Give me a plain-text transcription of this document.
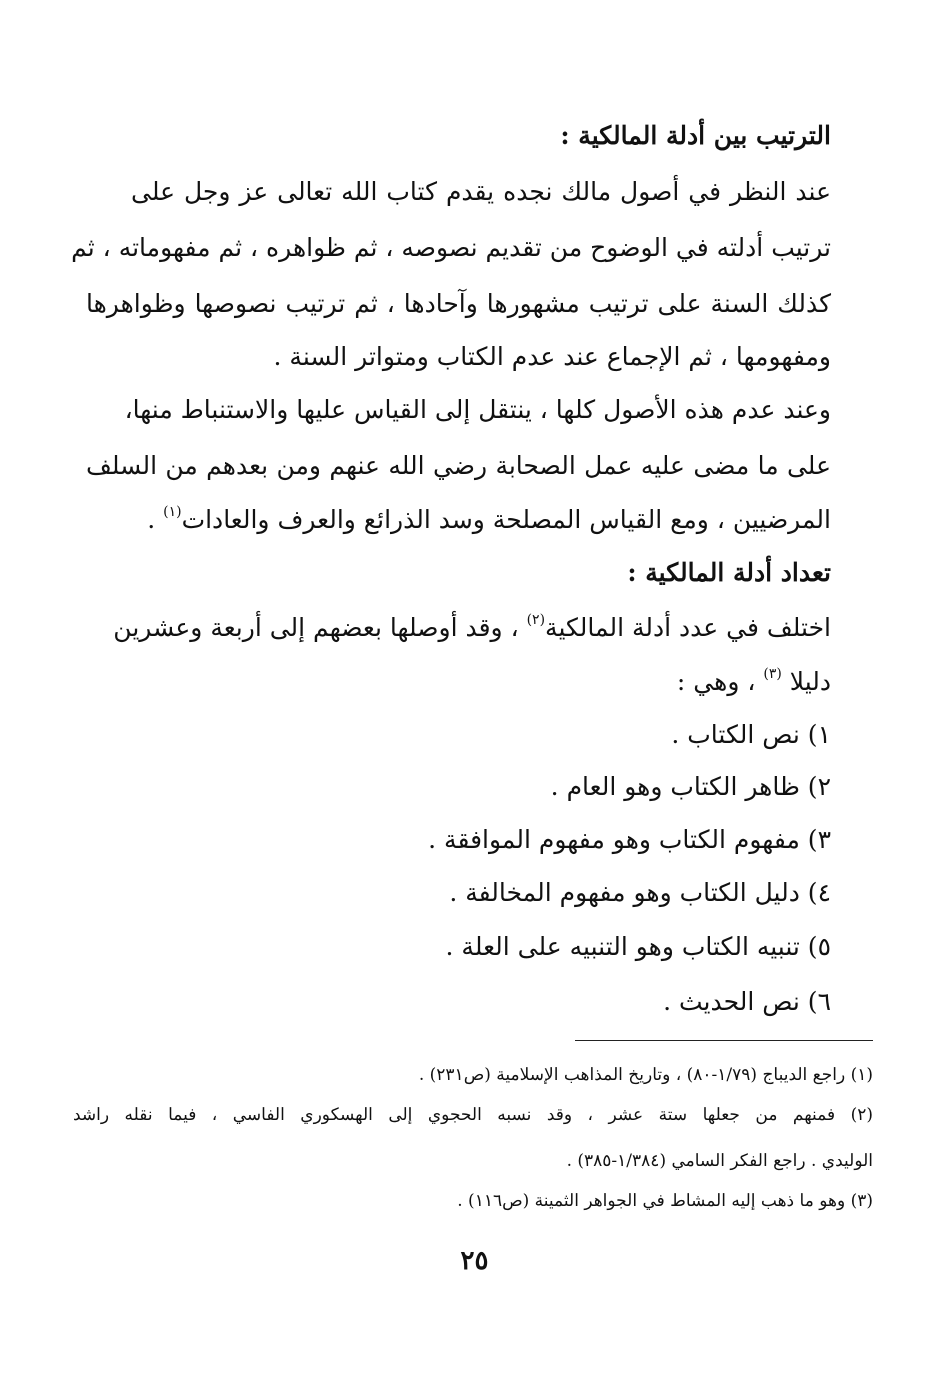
الترتيب بين أدلة المالكية :
عند النظر في أصول مالك نجده يقدم كتاب الله تعالى عز وجل على
ترتيب أدلته في الوضوح من تقديم نصوصه ، ثم ظواهره ، ثم مفهوماته ، ثم
كذلك السنة على ترتيب مشهورها وآحادها ، ثم ترتيب نصوصها وظواهرها
ومفهومها ، ثم الإجماع عند عدم الكتاب ومتواتر السنة .
وعند عدم هذه الأصول كلها ، ينتقل إلى القياس عليها والاستنباط منها،
على ما مضى عليه عمل الصحابة رضي الله عنهم ومن بعدهم من السلف
المرضيين ، ومع القياس المصلحة وسد الذرائع والعرف والعادات$^{(١)}$ .
تعداد أدلة المالكية :
اختلف في عدد أدلة المالكية$^{(٢)}$ ، وقد أوصلها بعضهم إلى أربعة وعشرين
دليلا $^{(٣)}$ ، وهي :
١) نص الكتاب .
٢) ظاهر الكتاب وهو العام .
٣) مفهوم الكتاب وهو مفهوم الموافقة .
٤) دليل الكتاب وهو مفهوم المخالفة .
٥) تنبيه الكتاب وهو التنبيه على العلة .
٦) نص الحديث .
(١) راجع الديباج (١/٧٩-٨٠) ، وتاريخ المذاهب الإسلامية (ص٢٣١) .
(٢) فمنهم من جعلها ستة عشر ، وقد نسبه الحجوي إلى الهسكوري الفاسي ، فيما نقله راشد
الوليدي . راجع الفكر السامي (١/٣٨٤-٣٨٥) .
(٣) وهو ما ذهب إليه المشاط في الجواهر الثمينة (ص١١٦) .
٢٥
